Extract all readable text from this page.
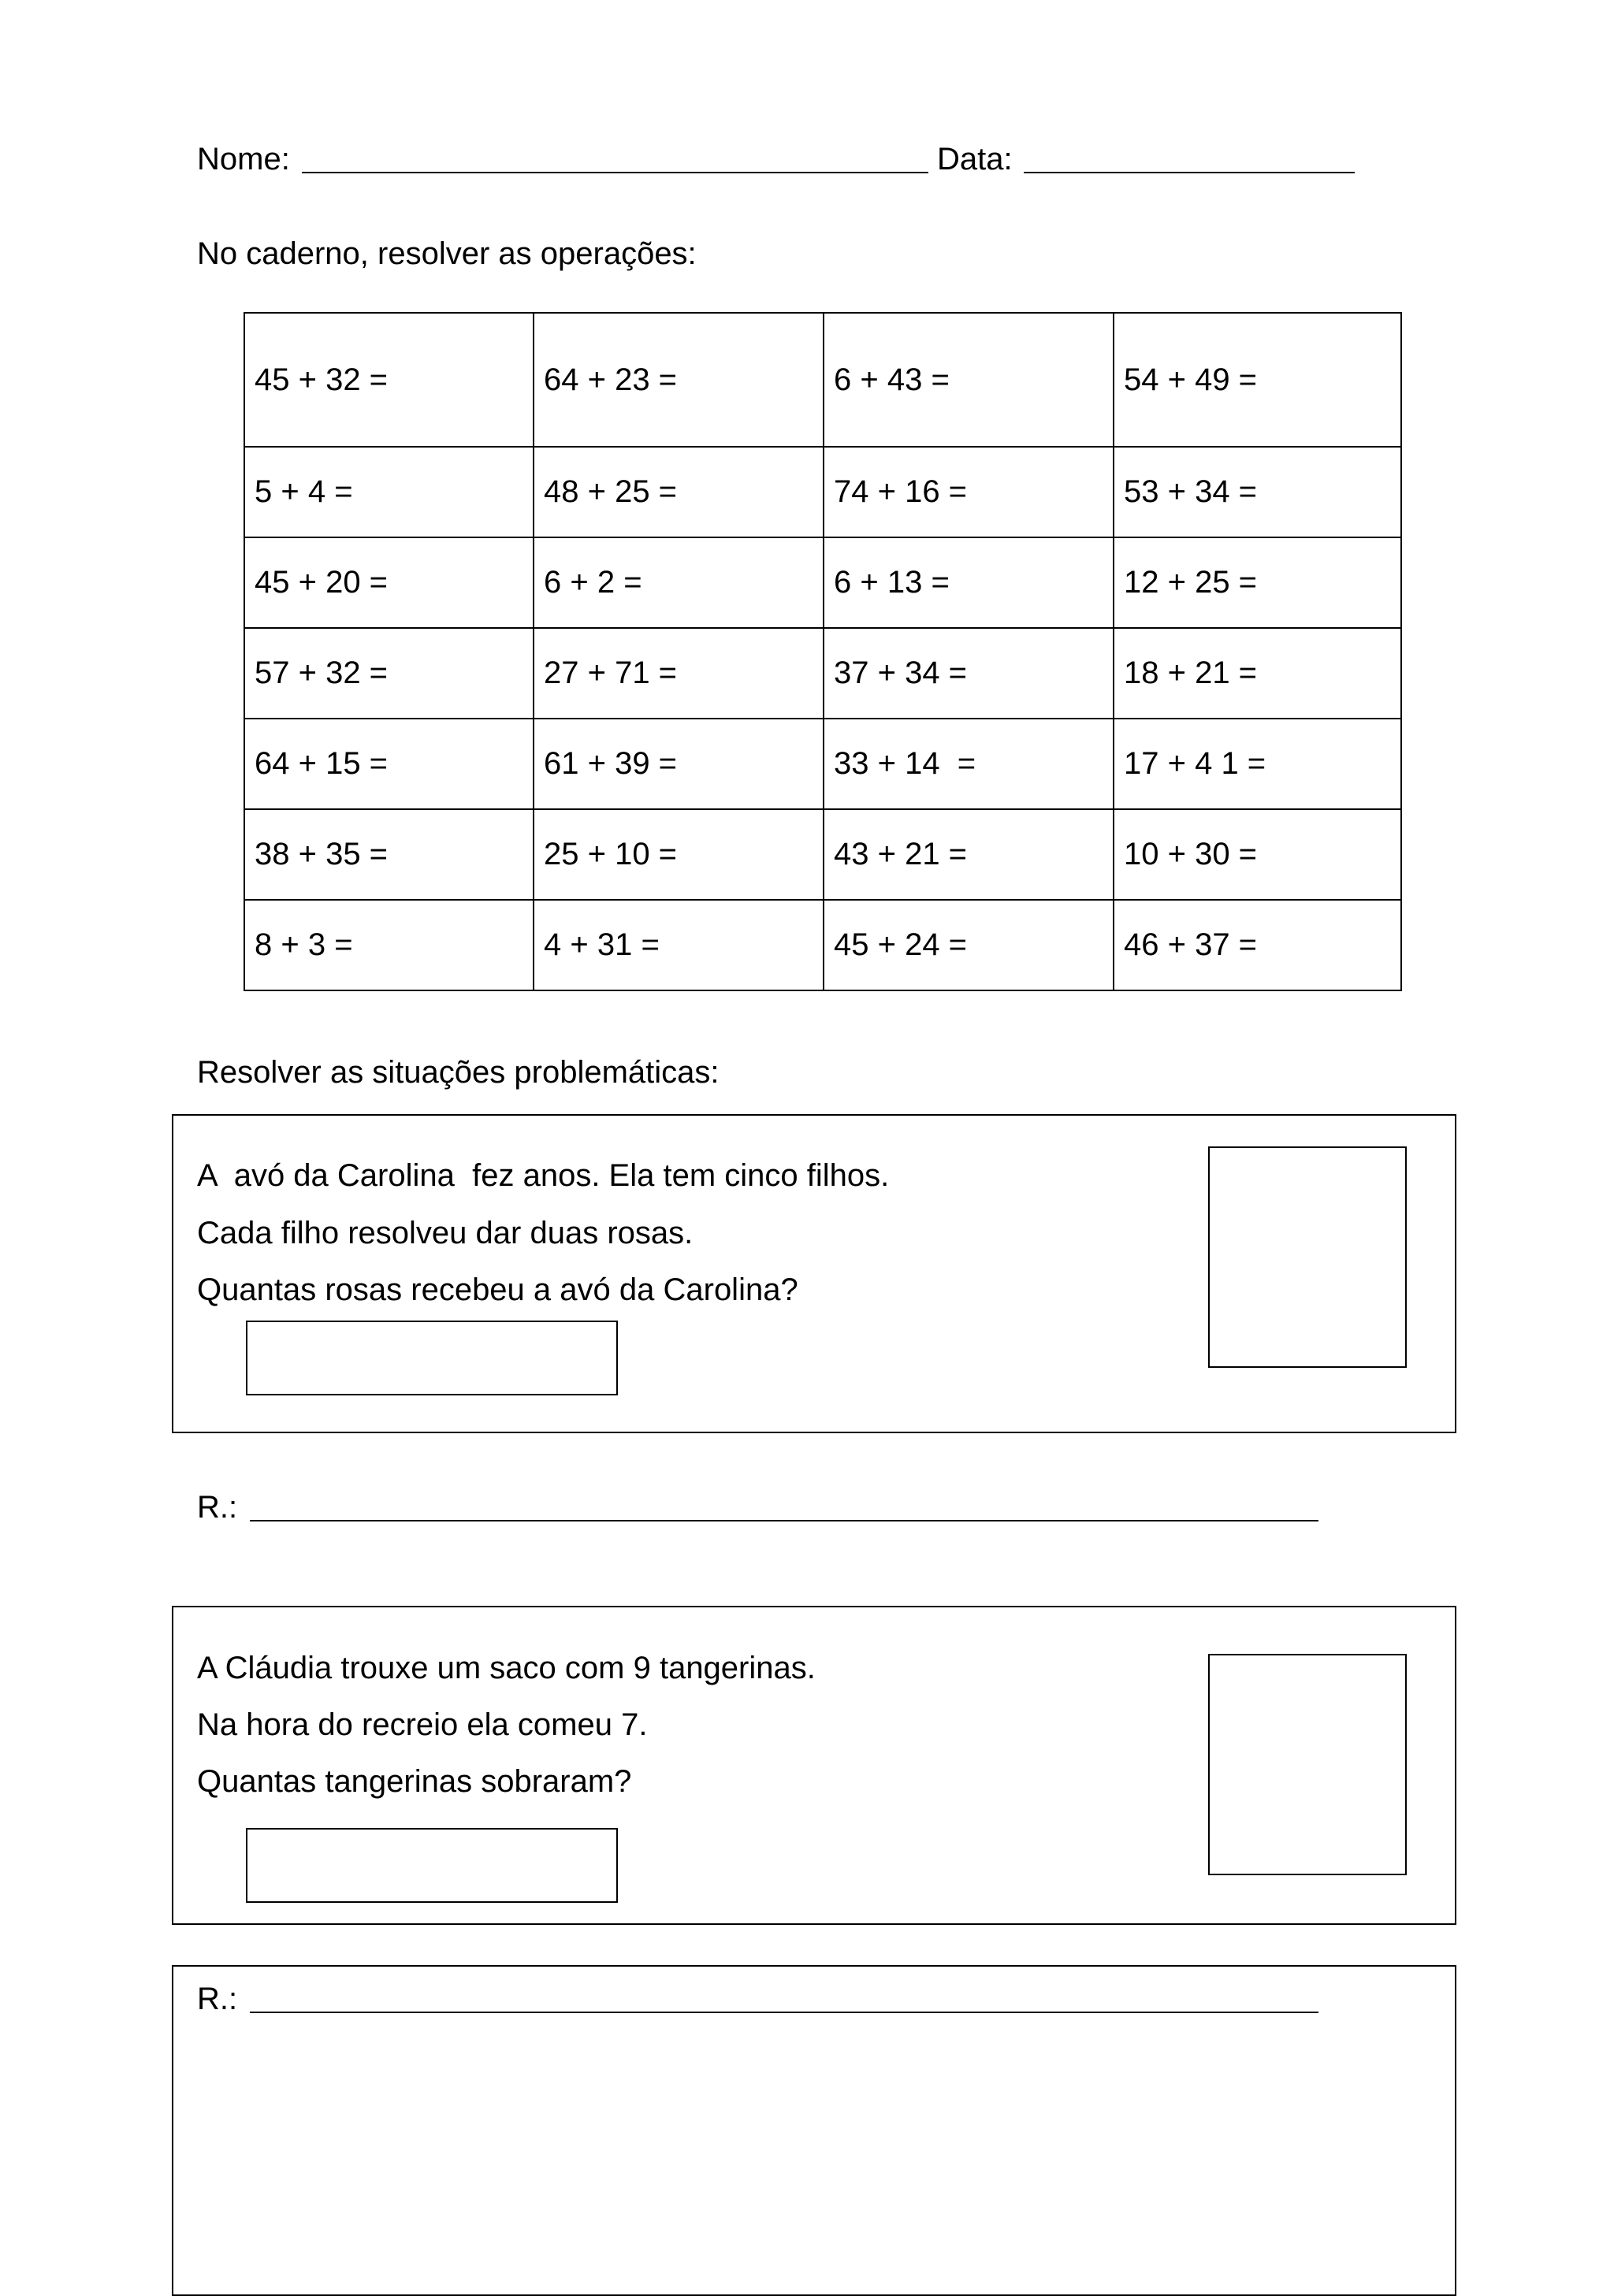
Nome:	Data:
No caderno, resolver as operações:
45 + 32 =	64 + 23 =	6 + 43 =	54 + 49 =
5 + 4 =	48 + 25 =	74 + 16 =	53 + 34 =
45 + 20 =	6 + 2 =	6 + 13 =	12 + 25 =
57 + 32 =	27 + 71 =	37 + 34 =	18 + 21 =
64 + 15 =	61 + 39 =	33 + 14  =	17 + 4 1 =
38 + 35 =	25 + 10 =	43 + 21 =	10 + 30 =
8 + 3 =	4 + 31 =	45 + 24 =	46 + 37 =
Resolver as situações problemáticas:
A  avó da Carolina  fez anos. Ela tem cinco filhos.
Cada filho resolveu dar duas rosas.
Quantas rosas recebeu a avó da Carolina?
R.:
A Cláudia trouxe um saco com 9 tangerinas.
Na hora do recreio ela comeu 7.
Quantas tangerinas sobraram?
R.:
